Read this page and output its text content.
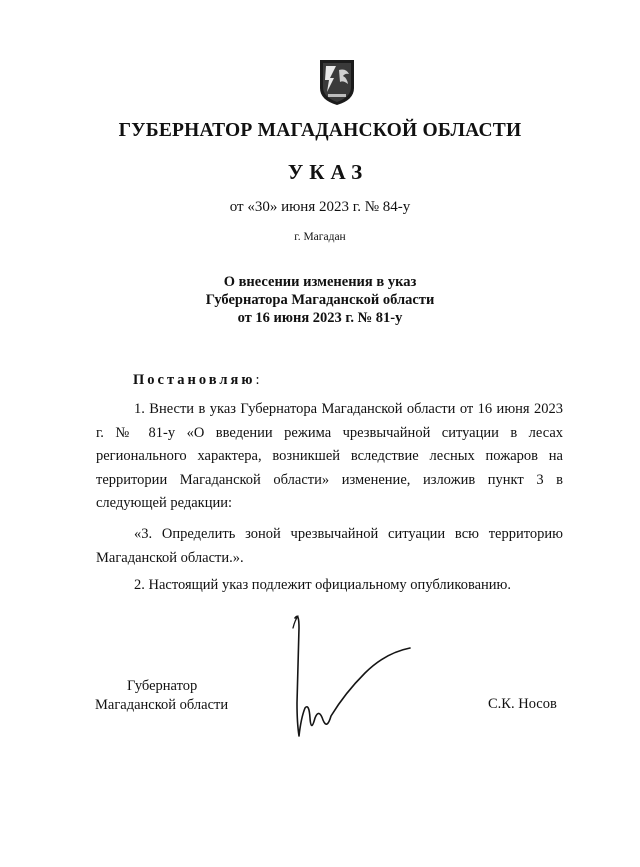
ГУБЕРНАТОР МАГАДАНСКОЙ ОБЛАСТИ
УКАЗ
от «30» июня 2023 г. № 84-у
г. Магадан
О внесении изменения в указ
Губернатора Магаданской области
от 16 июня 2023 г. № 81-у
Постановляю:
1. Внести в указ Губернатора Магаданской области от 16 июня 2023 г. № 81-у «О введении режима чрезвычайной ситуации в лесах регионального характера, возникшей вследствие лесных пожаров на территории Магаданской области» изменение, изложив пункт 3 в следующей редакции:
«3. Определить зоной чрезвычайной ситуации всю территорию Магаданской области.».
2. Настоящий указ подлежит официальному опубликованию.
Губернатор
Магаданской области	С.К. Носов
